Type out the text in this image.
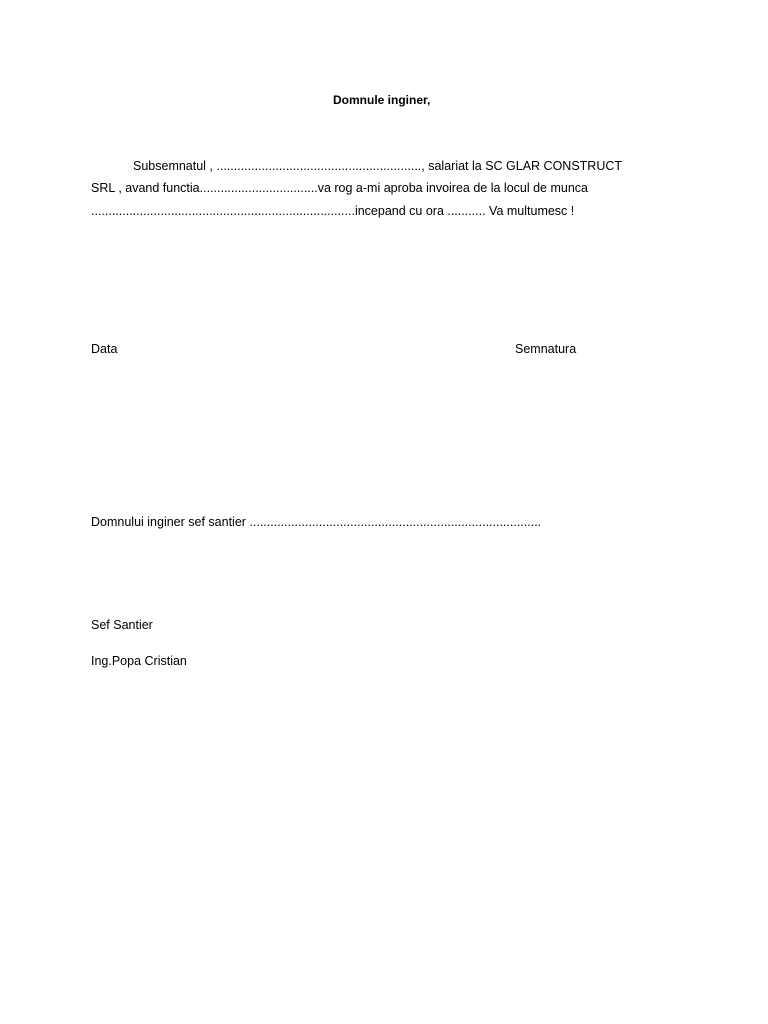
Domnule inginer,
Subsemnatul , ..........................................................., salariat la SC GLAR CONSTRUCT
SRL , avand functia..................................va rog a-mi aproba invoirea de la locul de munca
............................................................................incepand cu ora ........... Va multumesc !
Data	Semnatura
Domnului inginer sef santier ....................................................................................
Sef Santier
Ing.Popa Cristian
